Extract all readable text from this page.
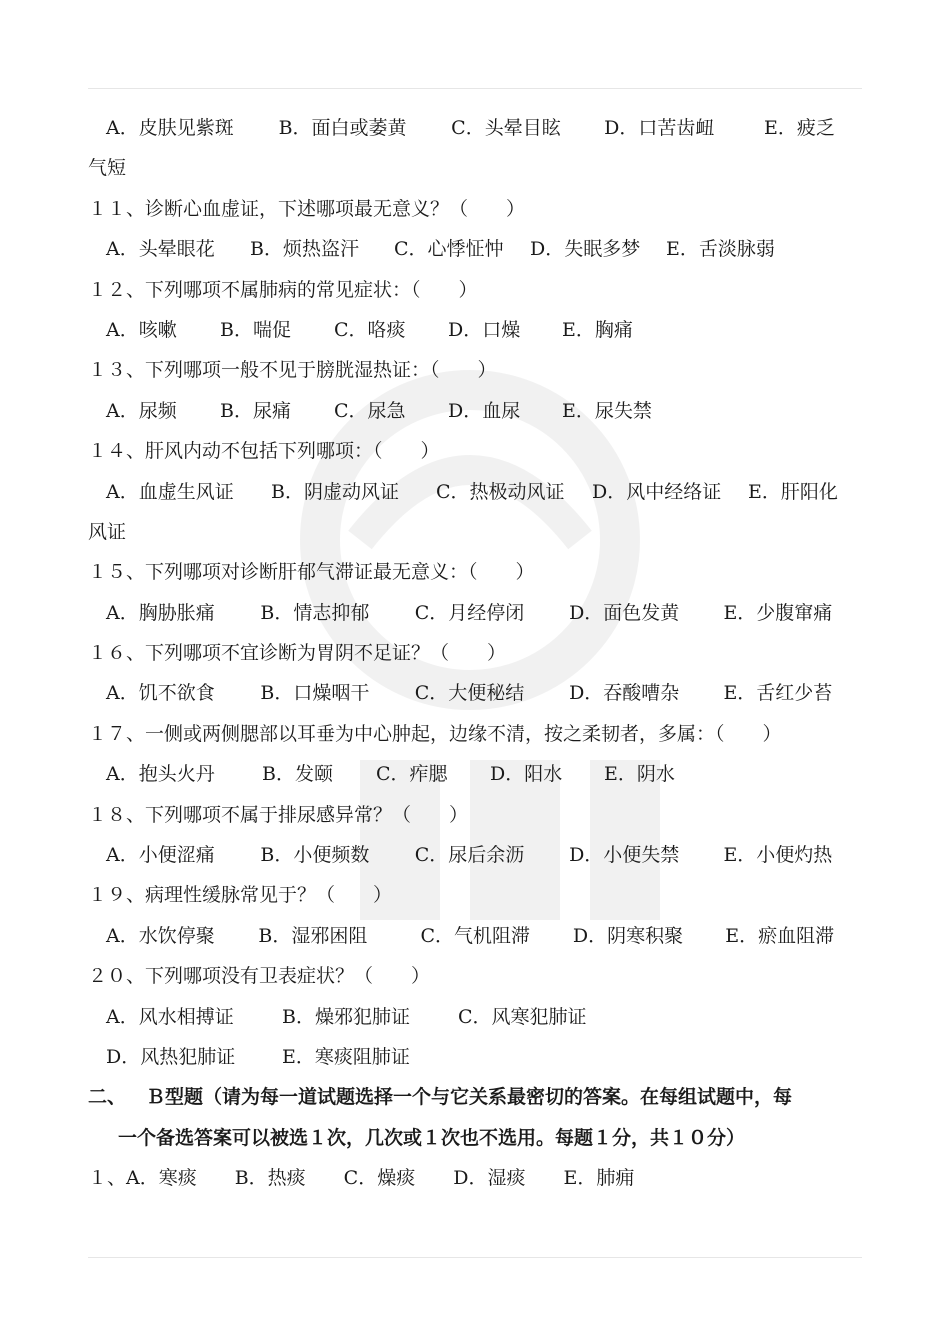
A．皮肤见紫斑	B．面白或萎黄	C．头晕目眩	D．口苦齿衄	E．疲乏
气短
１１、诊断心血虚证，下述哪项最无意义？（　　）
A．头晕眼花	B．烦热盗汗	C．心悸怔忡	D．失眠多梦	E．舌淡脉弱
１２、下列哪项不属肺病的常见症状：（　　）
A．咳嗽	B．喘促	C．咯痰	D．口燥	E．胸痛
１３、下列哪项一般不见于膀胱湿热证：（　　）
A．尿频	B．尿痛	C．尿急	D．血尿	E．尿失禁
１４、肝风内动不包括下列哪项：（　　）
A．血虚生风证	B．阴虚动风证	C．热极动风证	D．风中经络证	E．肝阳化
风证
１５、下列哪项对诊断肝郁气滞证最无意义：（　　）
A．胸胁胀痛	B．情志抑郁	C．月经停闭	D．面色发黄	E．少腹窜痛
１６、下列哪项不宜诊断为胃阴不足证？（　　）
A．饥不欲食	B．口燥咽干	C．大便秘结	D．吞酸嘈杂	E．舌红少苔
１７、一侧或两侧腮部以耳垂为中心肿起，边缘不清，按之柔韧者，多属：（　　）
A．抱头火丹	B．发颐	C．痄腮	D．阳水	E．阴水
１８、下列哪项不属于排尿感异常？（　　）
A．小便涩痛	B．小便频数	C．尿后余沥	D．小便失禁	E．小便灼热
１９、病理性缓脉常见于？（　　）
A．水饮停聚	B．湿邪困阻	C．气机阻滞	D．阴寒积聚	E．瘀血阻滞
２０、下列哪项没有卫表症状？（　　）
A．风水相搏证	B．燥邪犯肺证	C．风寒犯肺证
D．风热犯肺证	E．寒痰阻肺证
二、 Ｂ型题（请为每一道试题选择一个与它关系最密切的答案。在每组试题中，每
一个备选答案可以被选１次，几次或１次也不选用。每题１分，共１０分）
１、A．寒痰　　B．热痰　　C．燥痰　　D．湿痰　　E．肺痈
